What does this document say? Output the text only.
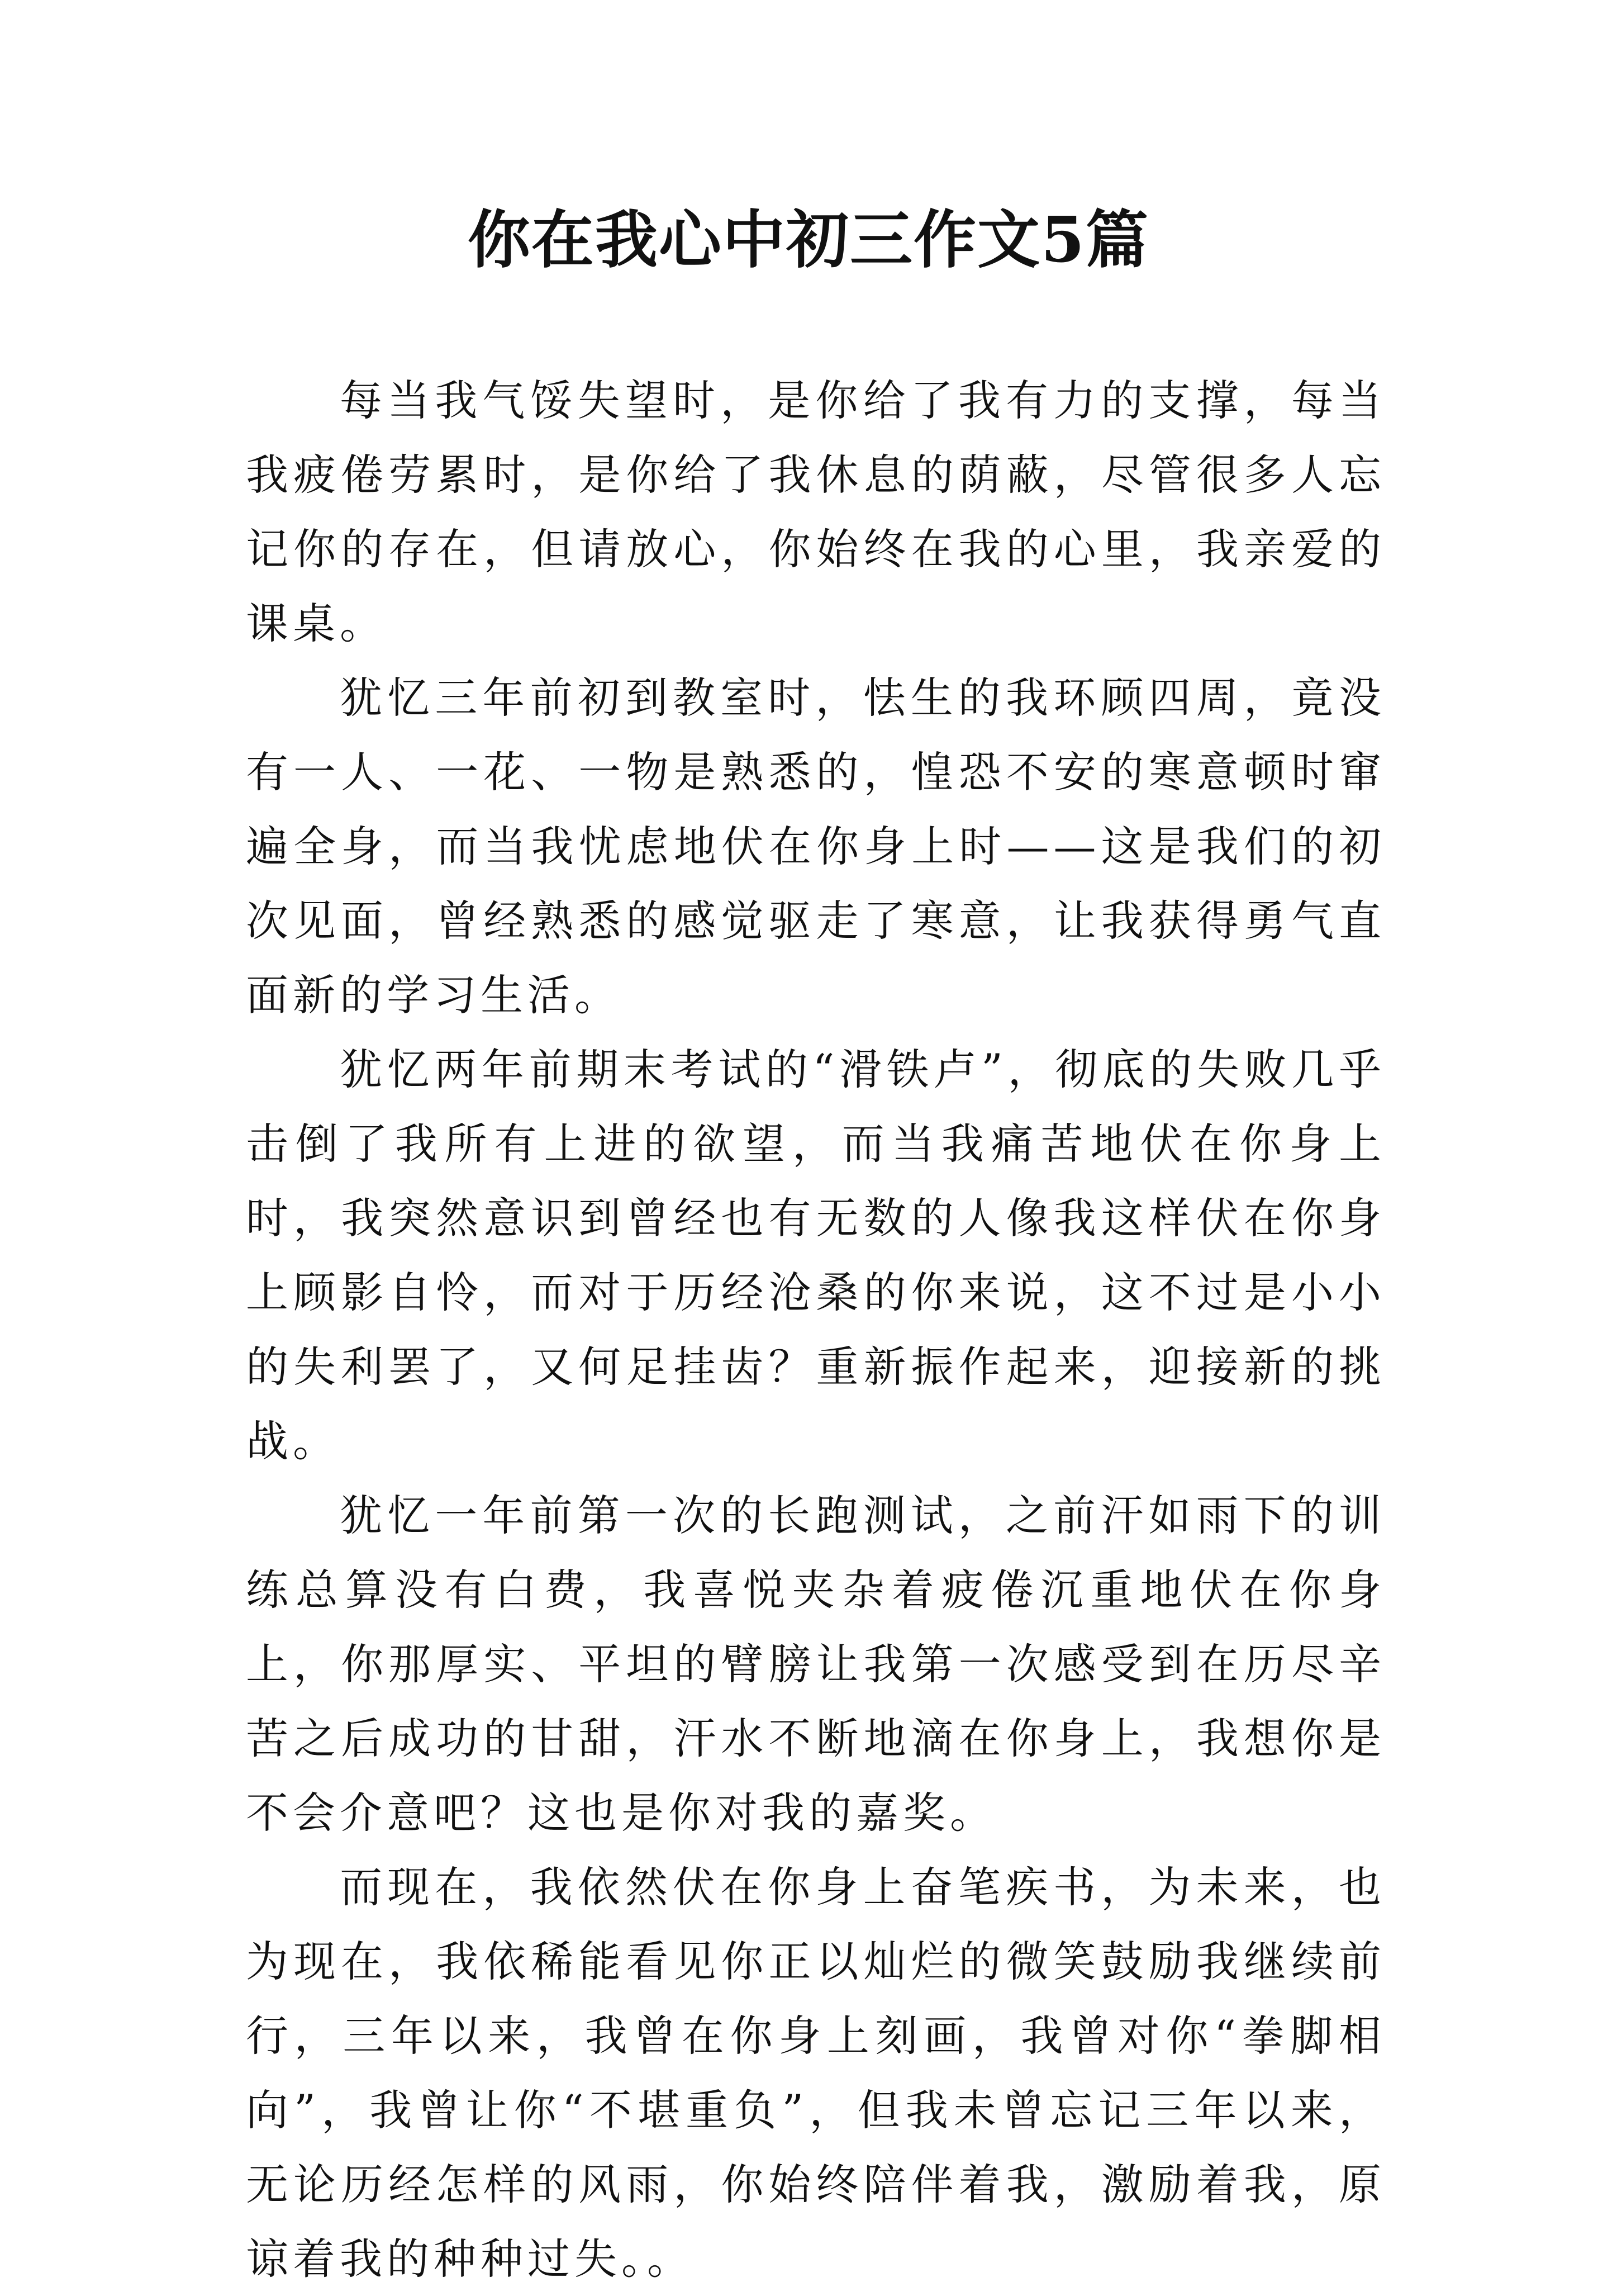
你在我心中初三作文5篇

每当我气馁失望时，是你给了我有力的支撑，每当我疲倦劳累时，是你给了我休息的荫蔽，尽管很多人忘记你的存在，但请放心，你始终在我的心里，我亲爱的课桌。

犹忆三年前初到教室时，怯生的我环顾四周，竟没有一人、一花、一物是熟悉的，惶恐不安的寒意顿时窜遍全身，而当我忧虑地伏在你身上时——这是我们的初次见面，曾经熟悉的感觉驱走了寒意，让我获得勇气直面新的学习生活。

犹忆两年前期末考试的“滑铁卢”，彻底的失败几乎击倒了我所有上进的欲望，而当我痛苦地伏在你身上时，我突然意识到曾经也有无数的人像我这样伏在你身上顾影自怜，而对于历经沧桑的你来说，这不过是小小的失利罢了，又何足挂齿？重新振作起来，迎接新的挑战。

犹忆一年前第一次的长跑测试，之前汗如雨下的训练总算没有白费，我喜悦夹杂着疲倦沉重地伏在你身上，你那厚实、平坦的臂膀让我第一次感受到在历尽辛苦之后成功的甘甜，汗水不断地滴在你身上，我想你是不会介意吧？这也是你对我的嘉奖。

而现在，我依然伏在你身上奋笔疾书，为未来，也为现在，我依稀能看见你正以灿烂的微笑鼓励我继续前行，三年以来，我曾在你身上刻画，我曾对你“拳脚相向”，我曾让你“不堪重负”，但我未曾忘记三年以来，无论历经怎样的风雨，你始终陪伴着我，激励着我，原谅着我的种种过失。。
